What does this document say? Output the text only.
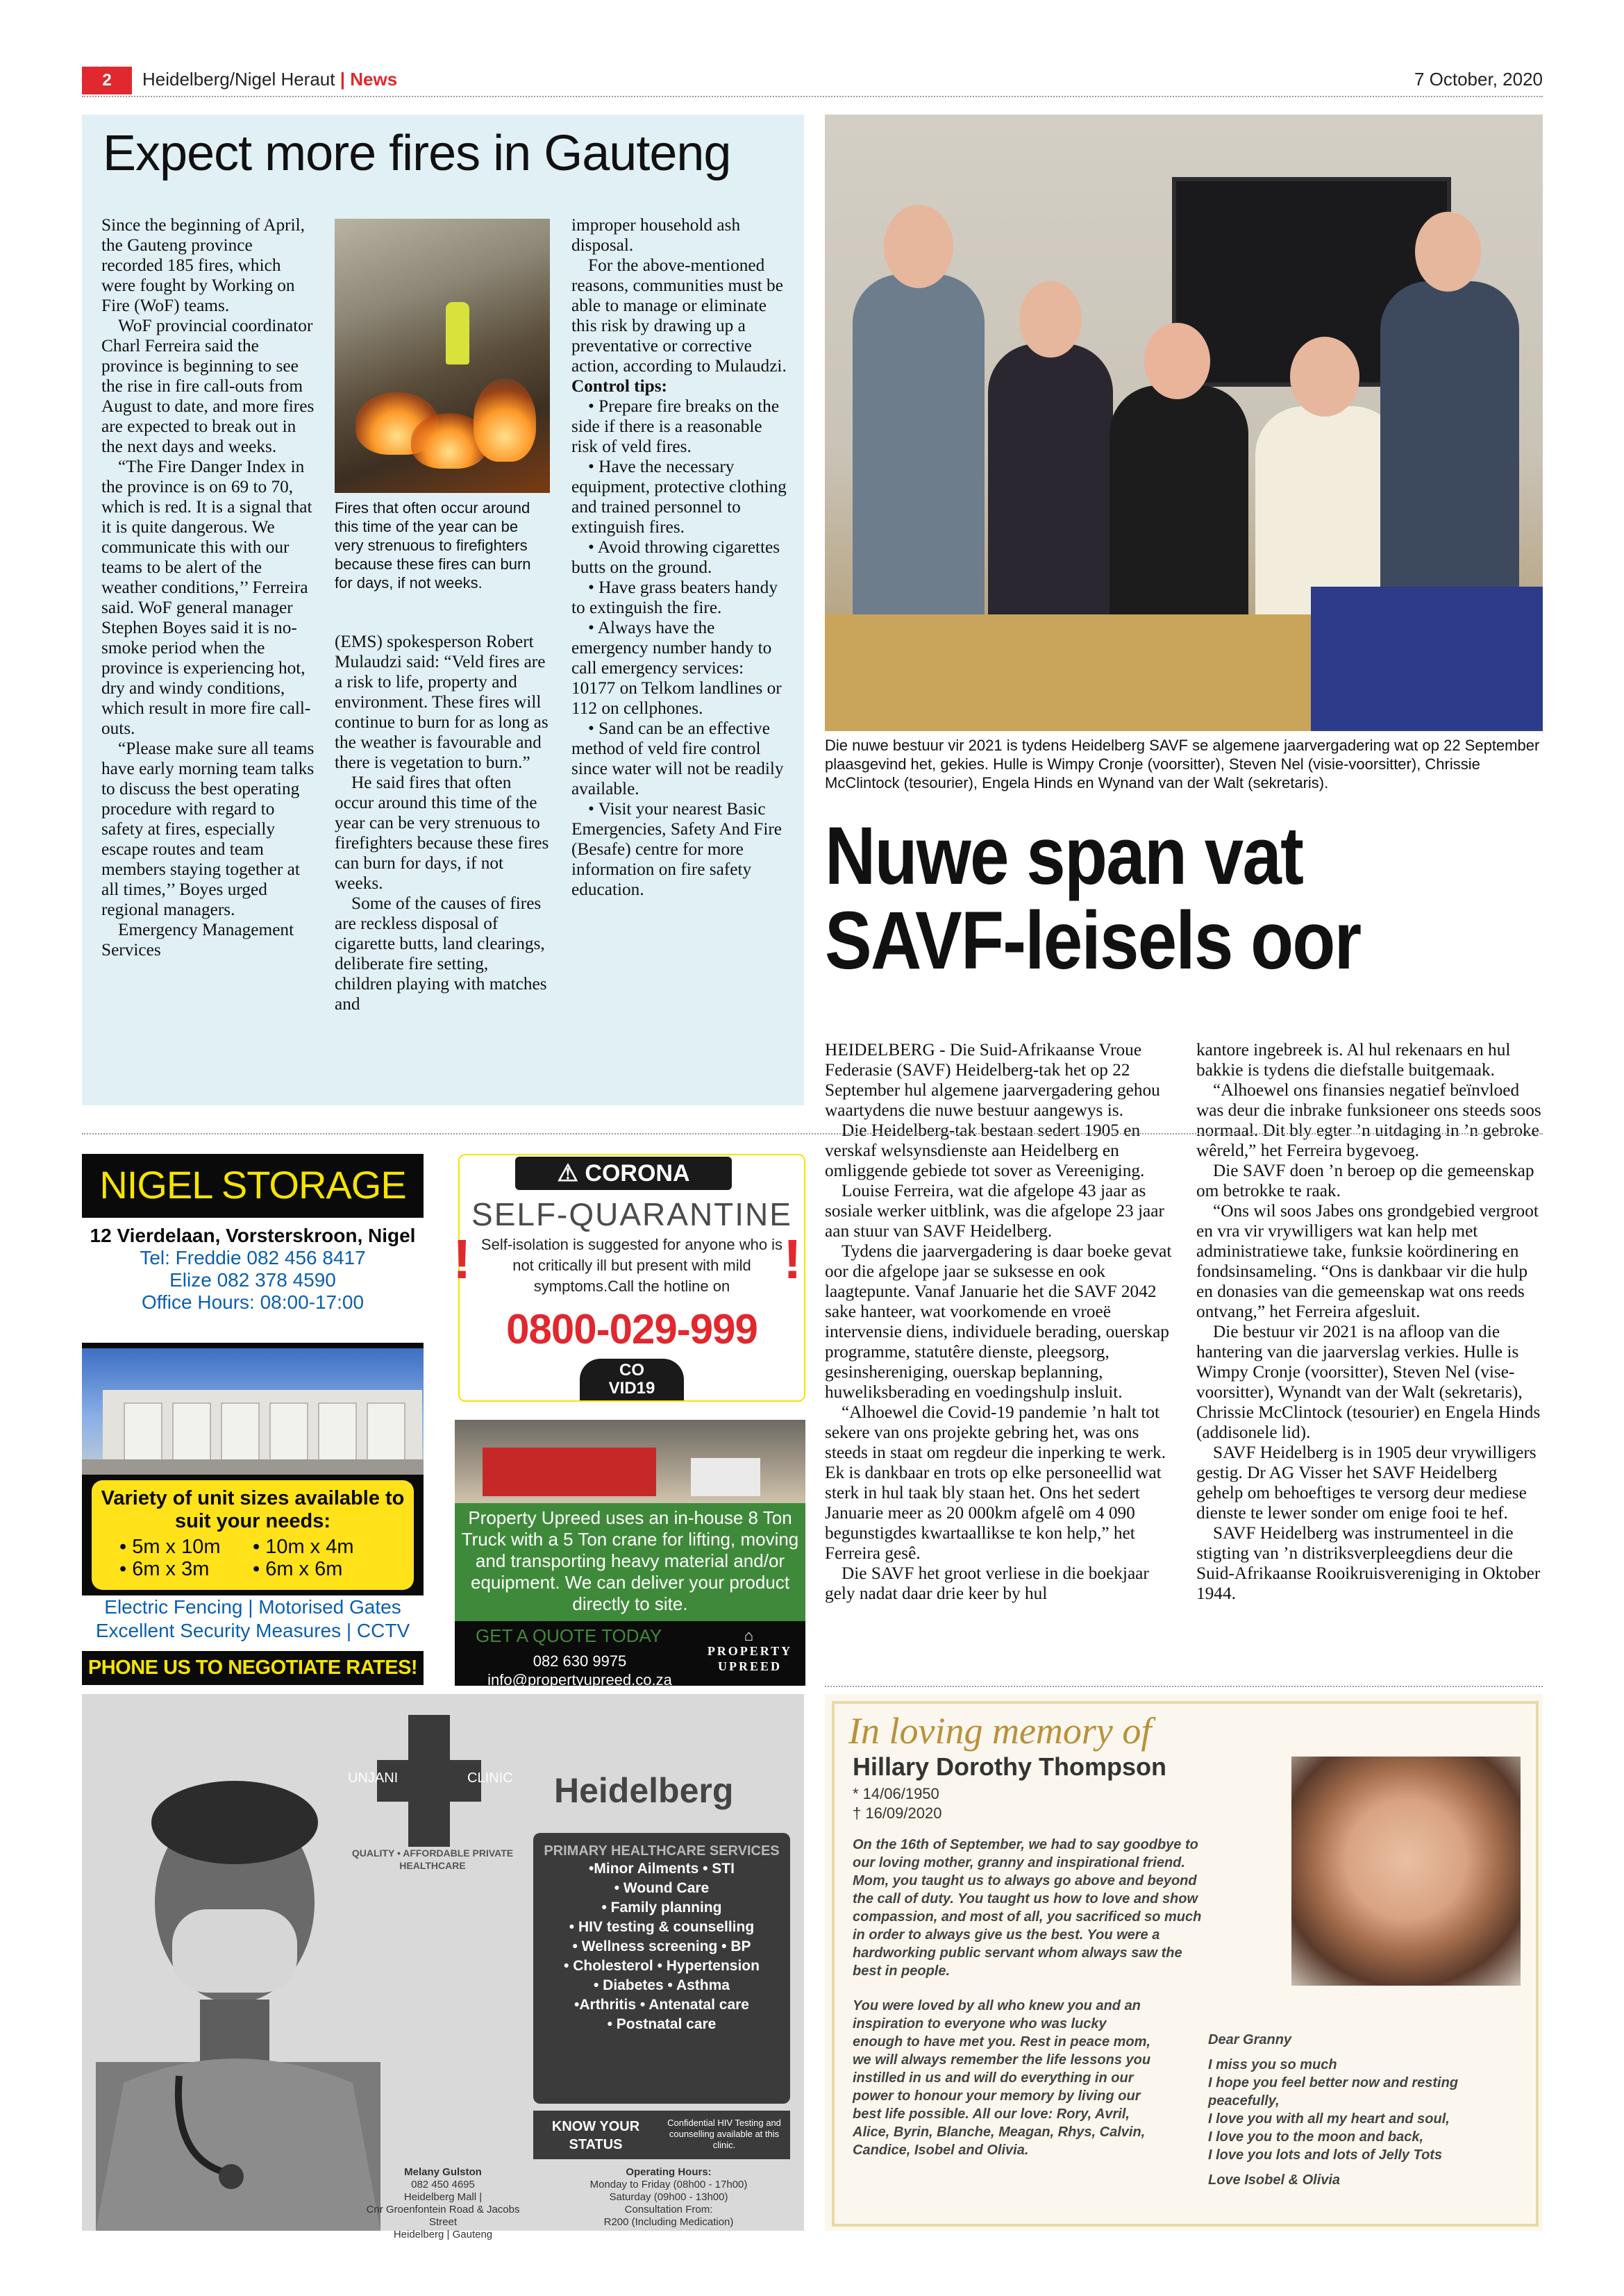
2	Heidelberg/Nigel Heraut | News	7 October, 2020
Expect more fires in Gauteng

Since the beginning of April, the Gauteng province recorded 185 fires, which were fought by Working on Fire (WoF) teams.

WoF provincial coordinator Charl Ferreira said the province is beginning to see the rise in fire call-outs from August to date, and more fires are expected to break out in the next days and weeks.

“The Fire Danger Index in the province is on 69 to 70, which is red. It is a signal that it is quite dangerous. We communicate this with our teams to be alert of the weather conditions,’’ Ferreira said. WoF general manager Stephen Boyes said it is no-smoke period when the province is experiencing hot, dry and windy conditions, which result in more fire call-outs.

“Please make sure all teams have early morning team talks to discuss the best operating procedure with regard to safety at fires, especially escape routes and team members staying together at all times,’’ Boyes urged regional managers.

Emergency Management Services

Fires that often occur around this time of the year can be very strenuous to firefighters because these fires can burn for days, if not weeks.

(EMS) spokesperson Robert Mulaudzi said: “Veld fires are a risk to life, property and environment. These fires will continue to burn for as long as the weather is favourable and there is vegetation to burn.”

He said fires that often occur around this time of the year can be very strenuous to firefighters because these fires can burn for days, if not weeks.

Some of the causes of fires are reckless disposal of cigarette butts, land clearings, deliberate fire setting, children playing with matches and

improper household ash disposal.

For the above-mentioned reasons, communities must be able to manage or eliminate this risk by drawing up a preventative or corrective action, according to Mulaudzi.

Control tips:

• Prepare fire breaks on the side if there is a reasonable risk of veld fires.

• Have the necessary equipment, protective clothing and trained personnel to extinguish fires.

• Avoid throwing cigarettes butts on the ground.

• Have grass beaters handy to extinguish the fire.

• Always have the emergency number handy to call emergency services: 10177 on Telkom landlines or 112 on cellphones.

• Sand can be an effective method of veld fire control since water will not be readily available.

• Visit your nearest Basic Emergencies, Safety And Fire (Besafe) centre for more information on fire safety education.

Die nuwe bestuur vir 2021 is tydens Heidelberg SAVF se algemene jaarvergadering wat op 22 September plaasgevind het, gekies. Hulle is Wimpy Cronje (voorsitter), Steven Nel (visie-voorsitter), Chrissie McClintock (tesourier), Engela Hinds en Wynand van der Walt (sekretaris).
Nuwe span vat
SAVF-leisels oor

HEIDELBERG - Die Suid-Afrikaanse Vroue Federasie (SAVF) Heidelberg-tak het op 22 September hul algemene jaarvergadering gehou waartydens die nuwe bestuur aangewys is.

Die Heidelberg-tak bestaan sedert 1905 en verskaf welsynsdienste aan Heidelberg en omliggende gebiede tot sover as Vereeniging.

Louise Ferreira, wat die afgelope 43 jaar as sosiale werker uitblink, was die afgelope 23 jaar aan stuur van SAVF Heidelberg.

Tydens die jaarvergadering is daar boeke gevat oor die afgelope jaar se suksesse en ook laagtepunte. Vanaf Januarie het die SAVF 2042 sake hanteer, wat voorkomende en vroeë intervensie diens, individuele berading, ouerskap programme, statutêre dienste, pleegsorg, gesinshereniging, ouerskap beplanning, huweliksberading en voedingshulp insluit.

“Alhoewel die Covid-19 pandemie ’n halt tot sekere van ons projekte gebring het, was ons steeds in staat om regdeur die inperking te werk. Ek is dankbaar en trots op elke personeellid wat sterk in hul taak bly staan het. Ons het sedert Januarie meer as 20 000km afgelê om 4 090 begunstigdes kwartaallikse te kon help,” het Ferreira gesê.

Die SAVF het groot verliese in die boekjaar gely nadat daar drie keer by hul

kantore ingebreek is. Al hul rekenaars en hul bakkie is tydens die diefstalle buitgemaak.

“Alhoewel ons finansies negatief beïnvloed was deur die inbrake funksioneer ons steeds soos normaal. Dit bly egter ’n uitdaging in ’n gebroke wêreld,” het Ferreira bygevoeg.

Die SAVF doen ’n beroep op die gemeenskap om betrokke te raak.

“Ons wil soos Jabes ons grondgebied vergroot en vra vir vrywilligers wat kan help met administratiewe take, funksie koördinering en fondsinsameling. “Ons is dankbaar vir die hulp en donasies van die gemeenskap wat ons reeds ontvang,” het Ferreira afgesluit.

Die bestuur vir 2021 is na afloop van die hantering van die jaarverslag verkies. Hulle is Wimpy Cronje (voorsitter), Steven Nel (vise-voorsitter), Wynandt van der Walt (sekretaris), Chrissie McClintock (tesourier) en Engela Hinds (addisonele lid).

SAVF Heidelberg is in 1905 deur vrywilligers gestig. Dr AG Visser het SAVF Heidelberg gehelp om behoeftiges te versorg deur mediese dienste te lewer sonder om enige fooi te hef.

SAVF Heidelberg was instrumenteel in die stigting van ’n distriksverpleegdiens deur die Suid-Afrikaanse Rooikruisvereniging in Oktober 1944.

NIGEL STORAGE
12 Vierdelaan, Vorsterskroon, Nigel
Tel: Freddie 082 456 8417
Elize 082 378 4590
Office Hours: 08:00-17:00
Variety of unit sizes available to suit your needs:
• 5m x 10m	• 10m x 4m
• 6m x 3m	• 6m x 6m
Electric Fencing | Motorised Gates
Excellent Security Measures | CCTV
PHONE US TO NEGOTIATE RATES!
⚠ CORONA
SELF-QUARANTINE
!	!
Self-isolation is suggested for anyone who is not critically ill but present with mild symptoms.Call the hotline on
0800-029-999
CO
VID19
Property Upreed uses an in-house 8 Ton Truck with a 5 Ton crane for lifting, moving and transporting heavy material and/or equipment. We can deliver your product directly to site.
GET A QUOTE TODAY
082 630 9975
info@propertyupreed.co.za
⌂
PROPERTY
UPREED
UNJANI	CLINIC Heidelberg
QUALITY • AFFORDABLE PRIVATE HEALTHCARE
PRIMARY HEALTHCARE SERVICES
•Minor Ailments • STI
• Wound Care
• Family planning
• HIV testing & counselling
• Wellness screening • BP
• Cholesterol • Hypertension
• Diabetes • Asthma
•Arthritis • Antenatal care
• Postnatal care
KNOW YOUR STATUS
Confidential HIV Testing and counselling available at this clinic.
Melany Gulston
082 450 4695
Heidelberg Mall |
Cnr Groenfontein Road & Jacobs Street
Heidelberg | Gauteng
Operating Hours:
Monday to Friday (08h00 - 17h00)
Saturday (09h00 - 13h00)
Consultation From:
R200 (Including Medication)
In loving memory of
Hillary Dorothy Thompson
* 14/06/1950
† 16/09/2020
On the 16th of September, we had to say goodbye to our loving mother, granny and inspirational friend. Mom, you taught us to always go above and beyond the call of duty. You taught us how to love and show compassion, and most of all, you sacrificed so much in order to always give us the best. You were a hardworking public servant whom always saw the best in people.
You were loved by all who knew you and an inspiration to everyone who was lucky enough to have met you. Rest in peace mom, we will always remember the life lessons you instilled in us and will do everything in our power to honour your memory by living our best life possible. All our love: Rory, Avril, Alice, Byrin, Blanche, Meagan, Rhys, Calvin, Candice, Isobel and Olivia.

Dear Granny

I miss you so much

I hope you feel better now and resting peacefully,

I love you with all my heart and soul,

I love you to the moon and back,

I love you lots and lots of Jelly Tots

Love Isobel & Olivia
